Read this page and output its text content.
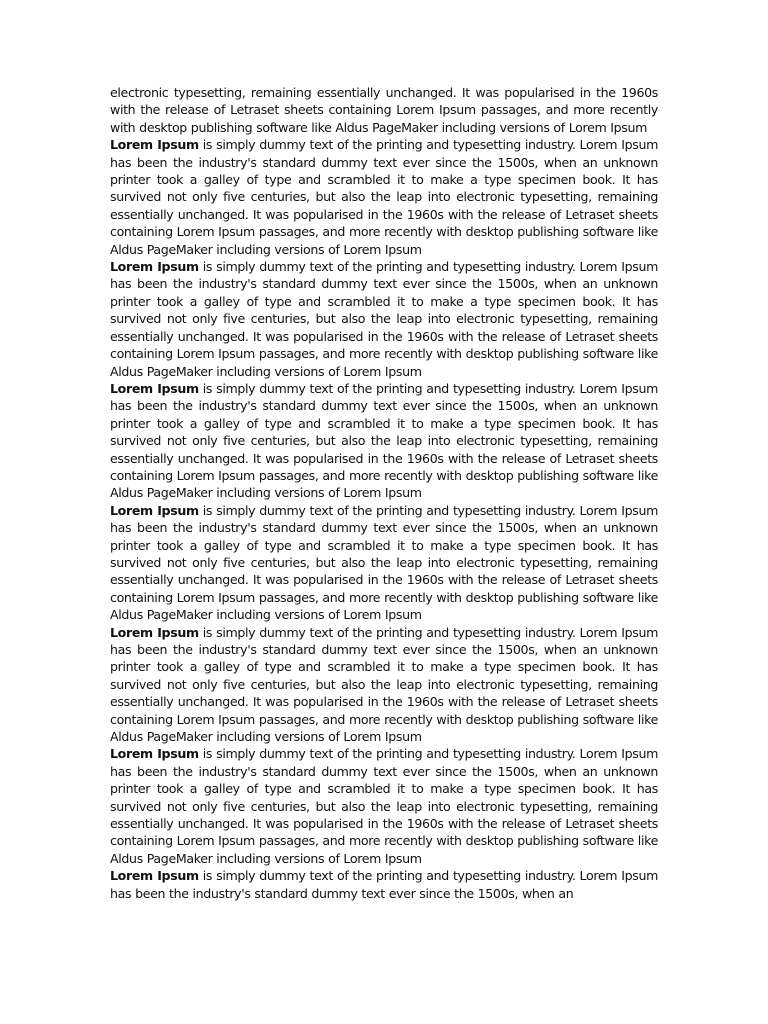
electronic typesetting, remaining essentially unchanged. It was popularised in the 1960s with the release of Letraset sheets containing Lorem Ipsum passages, and more recently with desktop publishing software like Aldus PageMaker including versions of Lorem Ipsum

Lorem Ipsum is simply dummy text of the printing and typesetting industry. Lorem Ipsum has been the industry's standard dummy text ever since the 1500s, when an unknown printer took a galley of type and scrambled it to make a type specimen book. It has survived not only five centuries, but also the leap into electronic typesetting, remaining essentially unchanged. It was popularised in the 1960s with the release of Letraset sheets containing Lorem Ipsum passages, and more recently with desktop publishing software like Aldus PageMaker including versions of Lorem Ipsum

Lorem Ipsum is simply dummy text of the printing and typesetting industry. Lorem Ipsum has been the industry's standard dummy text ever since the 1500s, when an unknown printer took a galley of type and scrambled it to make a type specimen book. It has survived not only five centuries, but also the leap into electronic typesetting, remaining essentially unchanged. It was popularised in the 1960s with the release of Letraset sheets containing Lorem Ipsum passages, and more recently with desktop publishing software like Aldus PageMaker including versions of Lorem Ipsum

Lorem Ipsum is simply dummy text of the printing and typesetting industry. Lorem Ipsum has been the industry's standard dummy text ever since the 1500s, when an unknown printer took a galley of type and scrambled it to make a type specimen book. It has survived not only five centuries, but also the leap into electronic typesetting, remaining essentially unchanged. It was popularised in the 1960s with the release of Letraset sheets containing Lorem Ipsum passages, and more recently with desktop publishing software like Aldus PageMaker including versions of Lorem Ipsum

Lorem Ipsum is simply dummy text of the printing and typesetting industry. Lorem Ipsum has been the industry's standard dummy text ever since the 1500s, when an unknown printer took a galley of type and scrambled it to make a type specimen book. It has survived not only five centuries, but also the leap into electronic typesetting, remaining essentially unchanged. It was popularised in the 1960s with the release of Letraset sheets containing Lorem Ipsum passages, and more recently with desktop publishing software like Aldus PageMaker including versions of Lorem Ipsum

Lorem Ipsum is simply dummy text of the printing and typesetting industry. Lorem Ipsum has been the industry's standard dummy text ever since the 1500s, when an unknown printer took a galley of type and scrambled it to make a type specimen book. It has survived not only five centuries, but also the leap into electronic typesetting, remaining essentially unchanged. It was popularised in the 1960s with the release of Letraset sheets containing Lorem Ipsum passages, and more recently with desktop publishing software like Aldus PageMaker including versions of Lorem Ipsum

Lorem Ipsum is simply dummy text of the printing and typesetting industry. Lorem Ipsum has been the industry's standard dummy text ever since the 1500s, when an unknown printer took a galley of type and scrambled it to make a type specimen book. It has survived not only five centuries, but also the leap into electronic typesetting, remaining essentially unchanged. It was popularised in the 1960s with the release of Letraset sheets containing Lorem Ipsum passages, and more recently with desktop publishing software like Aldus PageMaker including versions of Lorem Ipsum

Lorem Ipsum is simply dummy text of the printing and typesetting industry. Lorem Ipsum has been the industry's standard dummy text ever since the 1500s, when an
